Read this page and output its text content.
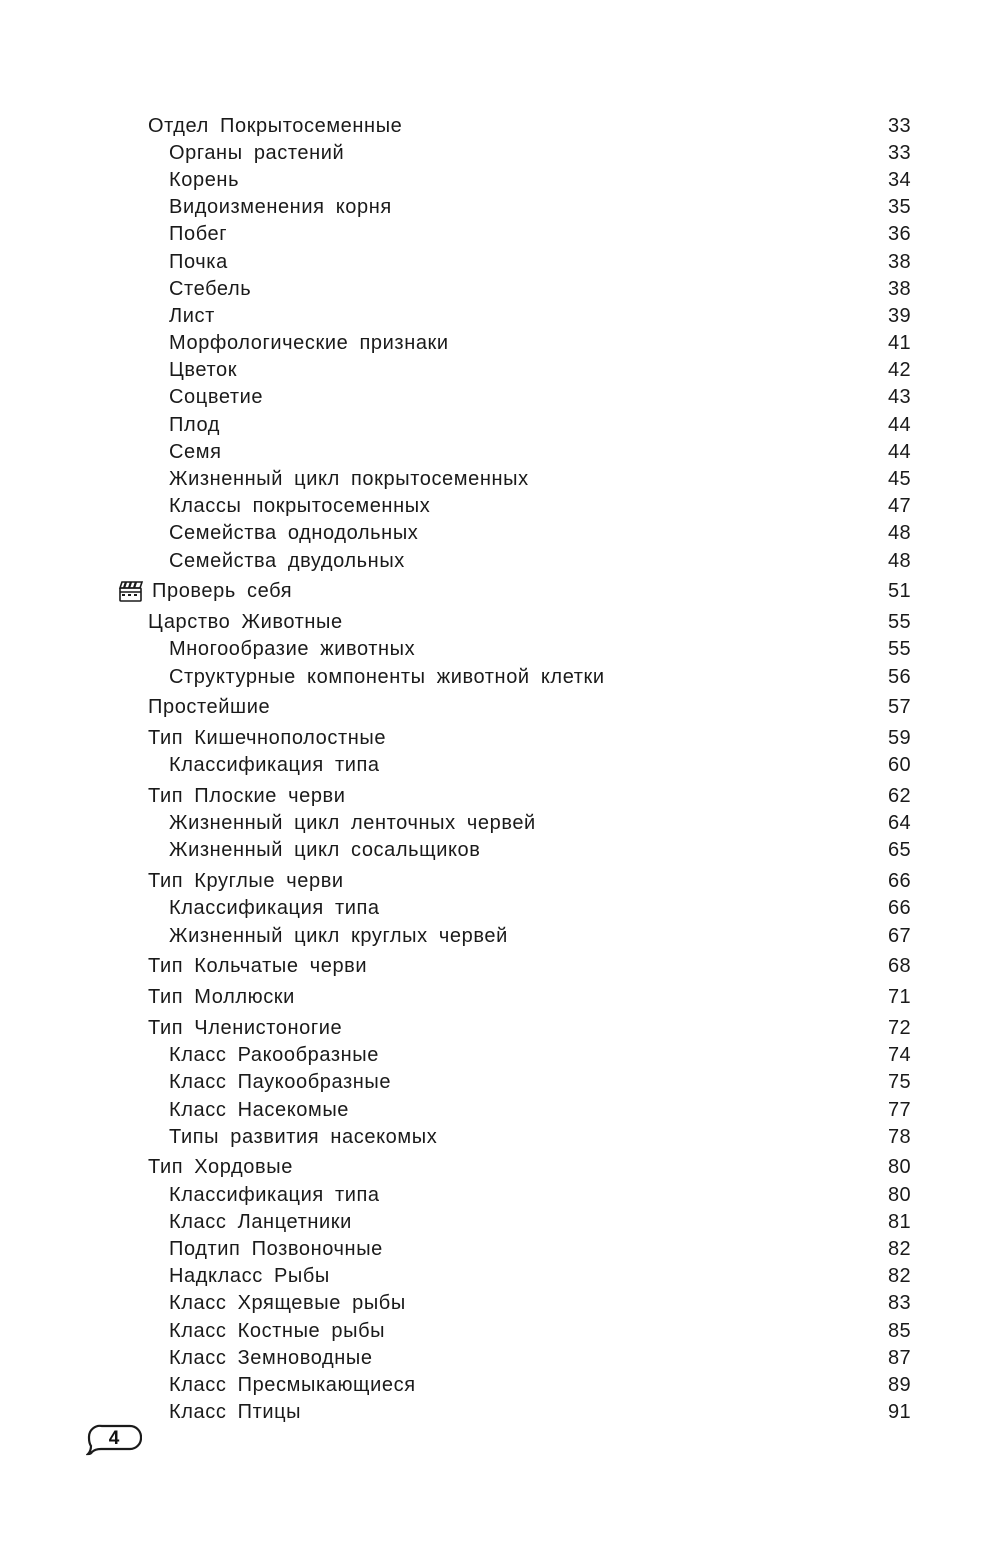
Отдел Покрытосеменные	33
Органы растений	33
Корень	34
Видоизменения корня	35
Побег	36
Почка	38
Стебель	38
Лист	39
Морфологические признаки	41
Цветок	42
Соцветие	43
Плод	44
Семя	44
Жизненный цикл покрытосеменных	45
Классы покрытосеменных	47
Семейства однодольных	48
Семейства двудольных	48
Проверь себя	51
Царство Животные	55
Многообразие животных	55
Структурные компоненты животной клетки	56
Простейшие	57
Тип Кишечнополостные	59
Классификация типа	60
Тип Плоские черви	62
Жизненный цикл ленточных червей	64
Жизненный цикл сосальщиков	65
Тип Круглые черви	66
Классификация типа	66
Жизненный цикл круглых червей	67
Тип Кольчатые черви	68
Тип Моллюски	71
Тип Членистоногие	72
Класс Ракообразные	74
Класс Паукообразные	75
Класс Насекомые	77
Типы развития насекомых	78
Тип Хордовые	80
Классификация типа	80
Класс Ланцетники	81
Подтип Позвоночные	82
Надкласс Рыбы	82
Класс Хрящевые рыбы	83
Класс Костные рыбы	85
Класс Земноводные	87
Класс Пресмыкающиеся	89
Класс Птицы	91
4
